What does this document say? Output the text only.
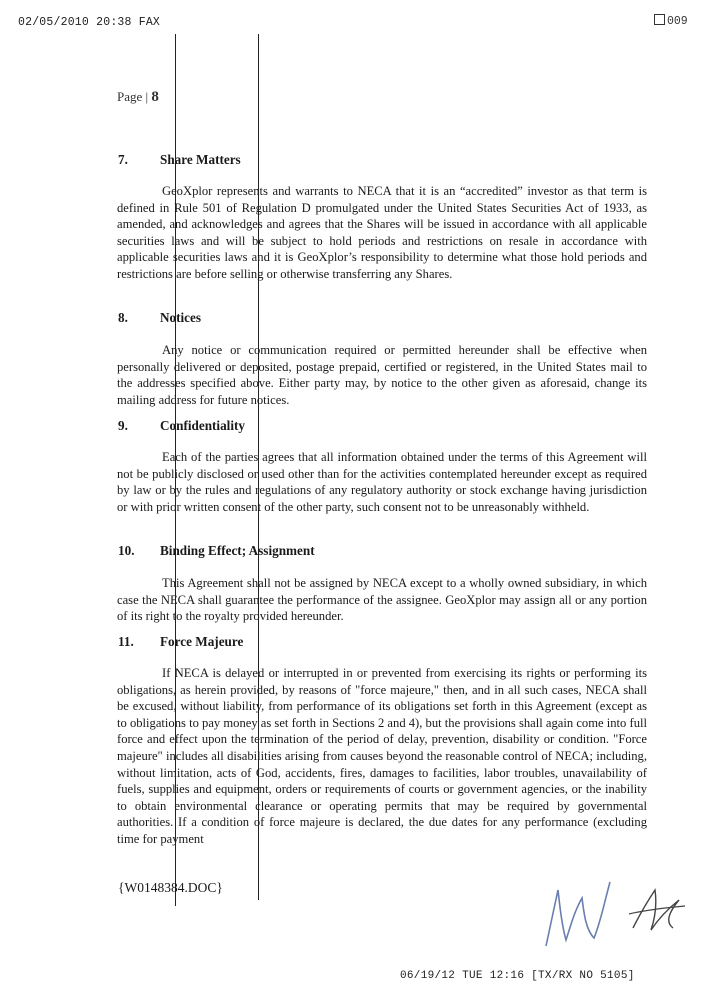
02/05/2010 20:38 FAX	009
Page | 8
7. Share Matters

GeoXplor represents and warrants to NECA that it is an “accredited” investor as that term is defined in Rule 501 of Regulation D promulgated under the United States Securities Act of 1933, as amended, and acknowledges and agrees that the Shares will be issued in accordance with all applicable securities laws and will be subject to hold periods and restrictions on resale in accordance with applicable securities laws and it is GeoXplor’s responsibility to determine what those hold periods and restrictions are before selling or otherwise transferring any Shares.

8. Notices

Any notice or communication required or permitted hereunder shall be effective when personally delivered or deposited, postage prepaid, certified or registered, in the United States mail to the addresses specified above. Either party may, by notice to the other given as aforesaid, change its mailing address for future notices.

9. Confidentiality

Each of the parties agrees that all information obtained under the terms of this Agreement will not be publicly disclosed or used other than for the activities contemplated hereunder except as required by law or by the rules and regulations of any regulatory authority or stock exchange having jurisdiction or with prior written consent of the other party, such consent not to be unreasonably withheld.

10. Binding Effect; Assignment

This Agreement shall not be assigned by NECA except to a wholly owned subsidiary, in which case the NECA shall guarantee the performance of the assignee. GeoXplor may assign all or any portion of its right to the royalty provided hereunder.

11. Force Majeure

If NECA is delayed or interrupted in or prevented from exercising its rights or performing its obligations, as herein provided, by reasons of "force majeure," then, and in all such cases, NECA shall be excused, without liability, from performance of its obligations set forth in this Agreement (except as to obligations to pay money as set forth in Sections 2 and 4), but the provisions shall again come into full force and effect upon the termination of the period of delay, prevention, disability or condition. "Force majeure" includes all disabilities arising from causes beyond the reasonable control of NECA; including, without limitation, acts of God, accidents, fires, damages to facilities, labor troubles, unavailability of fuels, supplies and equipment, orders or requirements of courts or government agencies, or the inability to obtain environmental clearance or operating permits that may be required by governmental authorities. If a condition of force majeure is declared, the due dates for any performance (excluding time for payment

{W0148384.DOC}
06/19/12 TUE 12:16 [TX/RX NO 5105]
